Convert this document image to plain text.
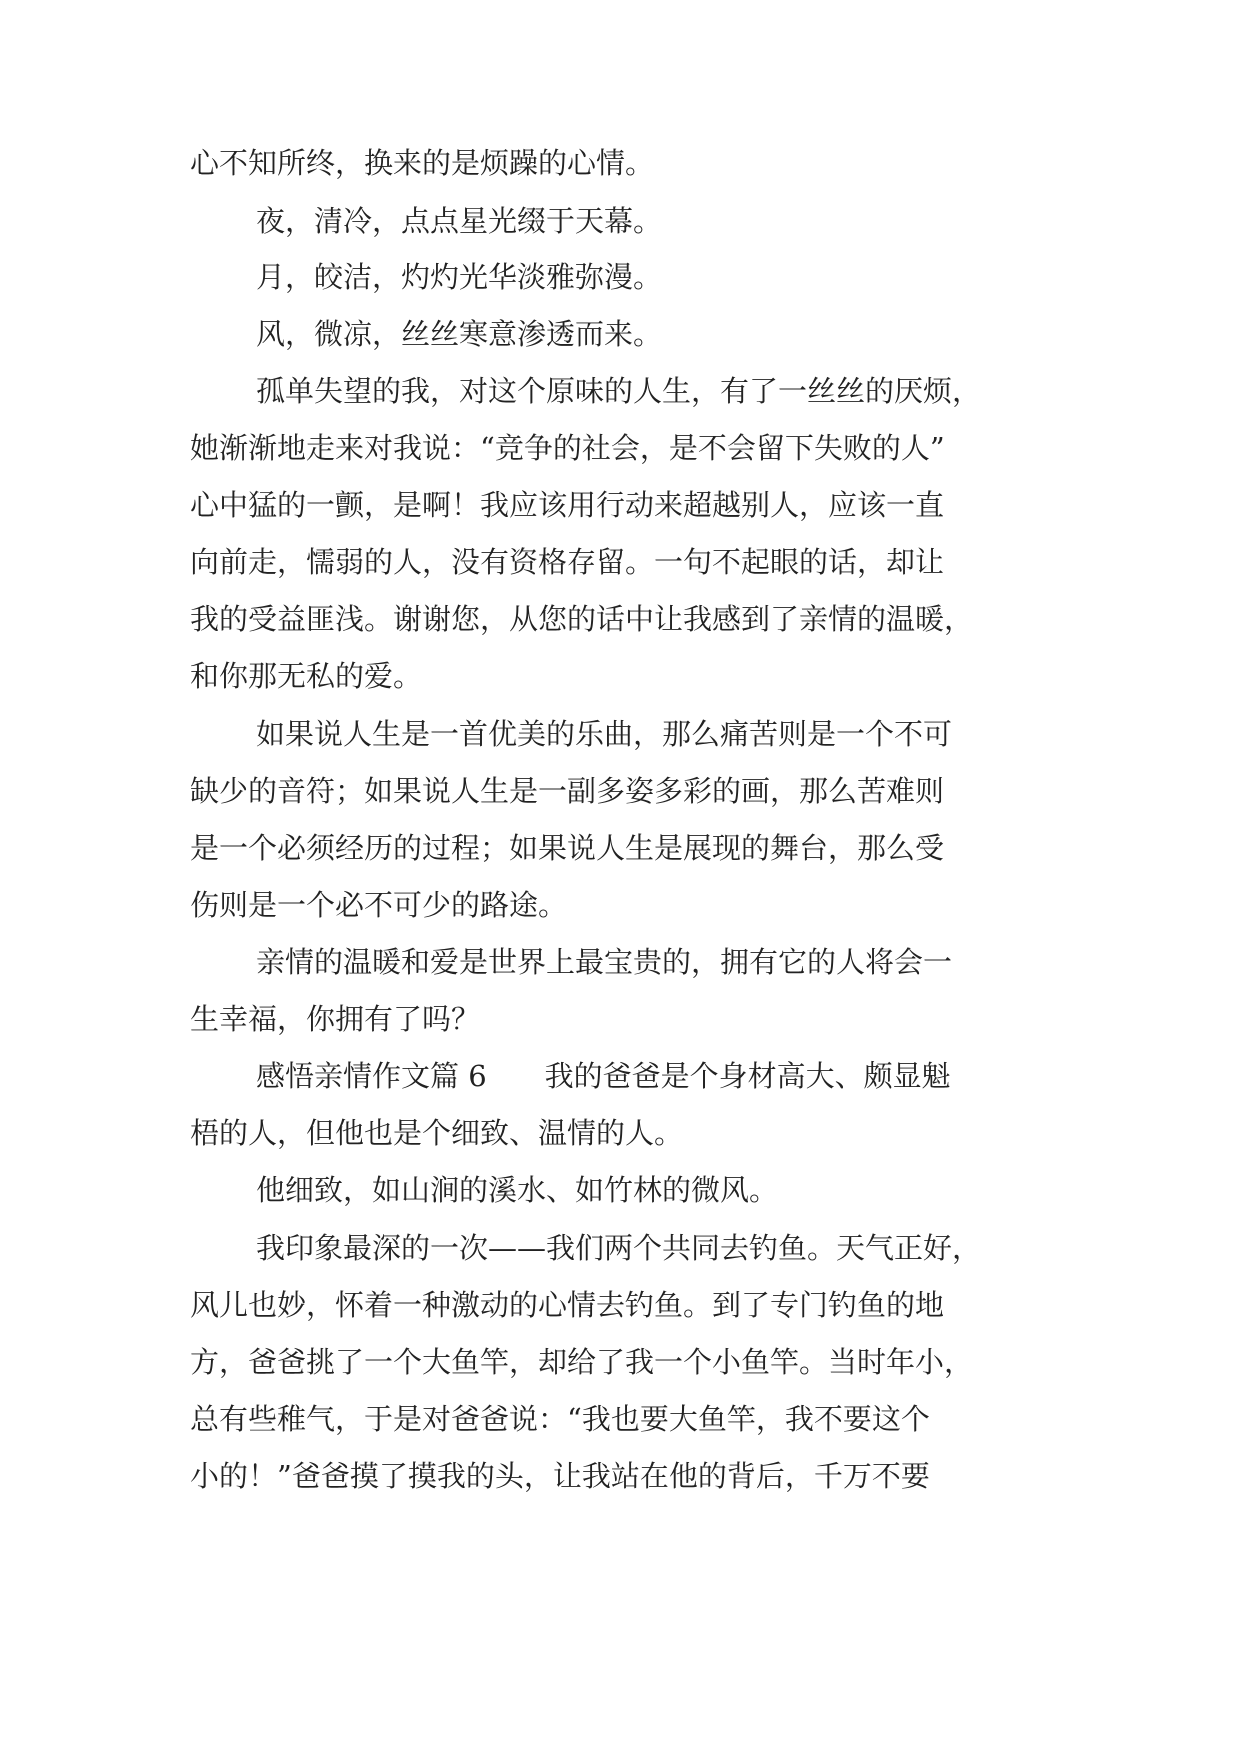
心不知所终，换来的是烦躁的心情。

夜，清冷，点点星光缀于天幕。

月，皎洁，灼灼光华淡雅弥漫。

风，微凉，丝丝寒意渗透而来。

孤单失望的我，对这个原味的人生，有了一丝丝的厌烦，

她渐渐地走来对我说：“竞争的社会，是不会留下失败的人”

心中猛的一颤，是啊！我应该用行动来超越别人，应该一直

向前走，懦弱的人，没有资格存留。一句不起眼的话，却让

我的受益匪浅。谢谢您，从您的话中让我感到了亲情的温暖，

和你那无私的爱。

如果说人生是一首优美的乐曲，那么痛苦则是一个不可

缺少的音符；如果说人生是一副多姿多彩的画，那么苦难则

是一个必须经历的过程；如果说人生是展现的舞台，那么受

伤则是一个必不可少的路途。

亲情的温暖和爱是世界上最宝贵的，拥有它的人将会一

生幸福，你拥有了吗？

感悟亲情作文篇 6　　我的爸爸是个身材高大、颇显魁

梧的人，但他也是个细致、温情的人。

他细致，如山涧的溪水、如竹林的微风。

我印象最深的一次——我们两个共同去钓鱼。天气正好，

风儿也妙，怀着一种激动的心情去钓鱼。到了专门钓鱼的地

方，爸爸挑了一个大鱼竿，却给了我一个小鱼竿。当时年小，

总有些稚气，于是对爸爸说：“我也要大鱼竿，我不要这个

小的！”爸爸摸了摸我的头，让我站在他的背后，千万不要
